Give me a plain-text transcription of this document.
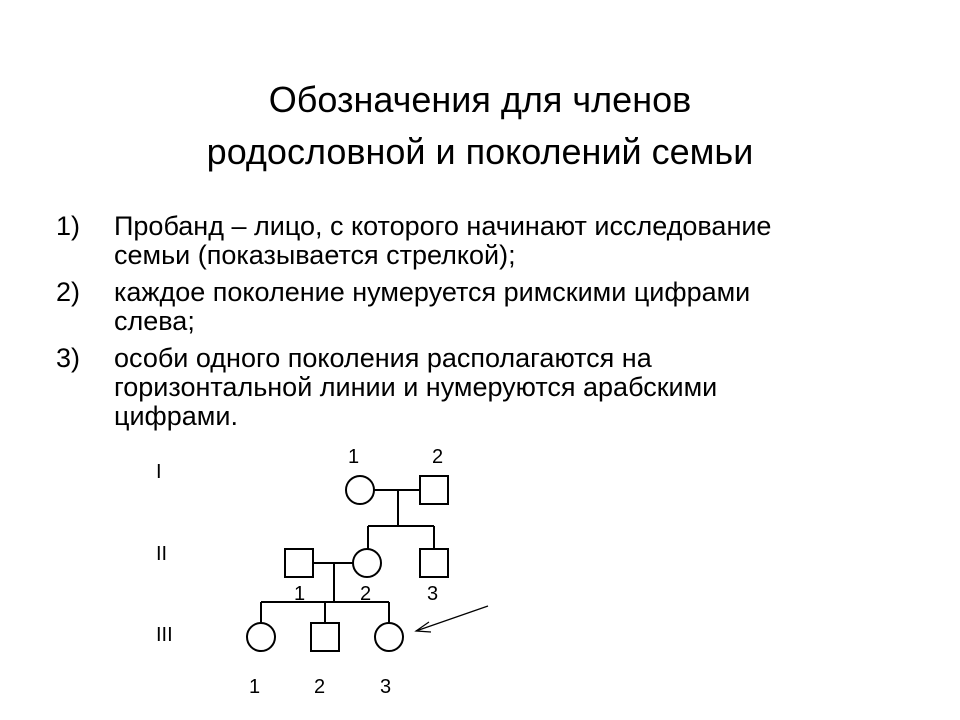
Обозначения для членов
родословной и поколений семьи
1) Пробанд – лицо, с которого начинают исследование
семьи (показывается стрелкой);
2) каждое поколение нумеруется римскими цифрами
слева;
3) особи одного поколения располагаются на
горизонтальной линии и нумеруются арабскими
цифрами.
I
II
III
1	2
1	2	3
1	2	3
